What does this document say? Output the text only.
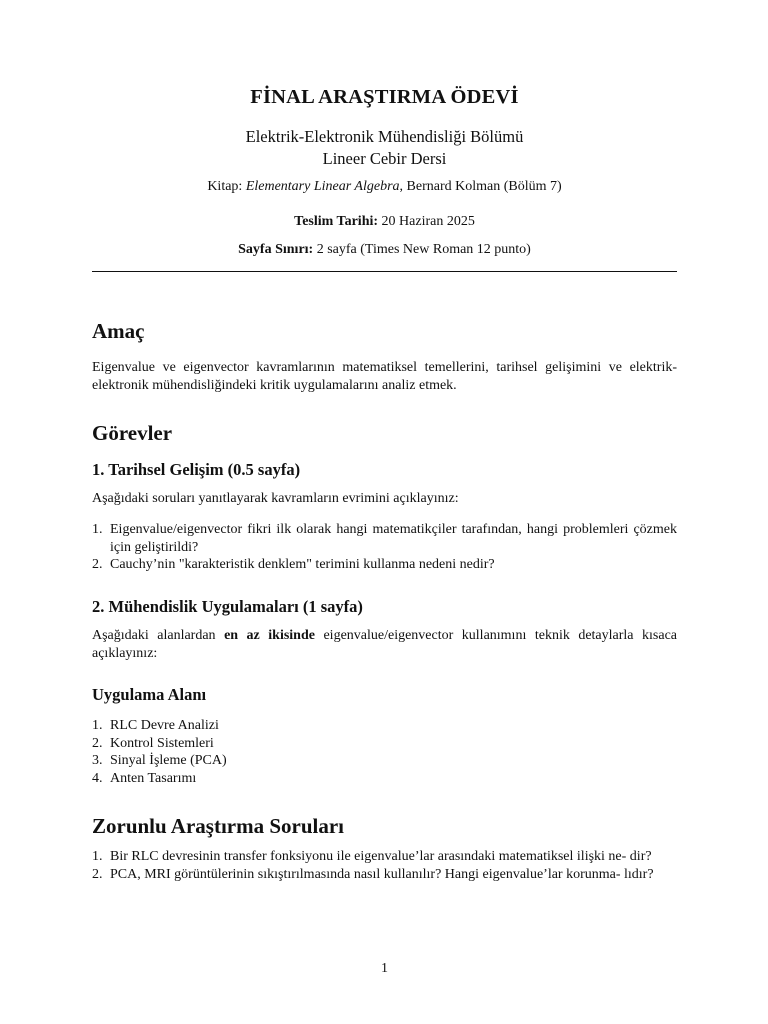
FİNAL ARAŞTIRMA ÖDEVİ
Elektrik-Elektronik Mühendisliği Bölümü
Lineer Cebir Dersi
Kitap: Elementary Linear Algebra, Bernard Kolman (Bölüm 7)
Teslim Tarihi: 20 Haziran 2025
Sayfa Sınırı: 2 sayfa (Times New Roman 12 punto)
Amaç
Eigenvalue ve eigenvector kavramlarının matematiksel temellerini, tarihsel gelişimini ve elektrik-elektronik mühendisliğindeki kritik uygulamalarını analiz etmek.
Görevler
1. Tarihsel Gelişim (0.5 sayfa)
Aşağıdaki soruları yanıtlayarak kavramların evrimini açıklayınız:
1. Eigenvalue/eigenvector fikri ilk olarak hangi matematikçiler tarafından, hangi problemleri çözmek için geliştirildi?
2. Cauchy’nin "karakteristik denklem" terimini kullanma nedeni nedir?
2. Mühendislik Uygulamaları (1 sayfa)
Aşağıdaki alanlardan en az ikisinde eigenvalue/eigenvector kullanımını teknik detaylarla kısaca açıklayınız:
Uygulama Alanı
1. RLC Devre Analizi
2. Kontrol Sistemleri
3. Sinyal İşleme (PCA)
4. Anten Tasarımı
Zorunlu Araştırma Soruları
1. Bir RLC devresinin transfer fonksiyonu ile eigenvalue’lar arasındaki matematiksel ilişki ne- dir?
2. PCA, MRI görüntülerinin sıkıştırılmasında nasıl kullanılır? Hangi eigenvalue’lar korunma- lıdır?
1
